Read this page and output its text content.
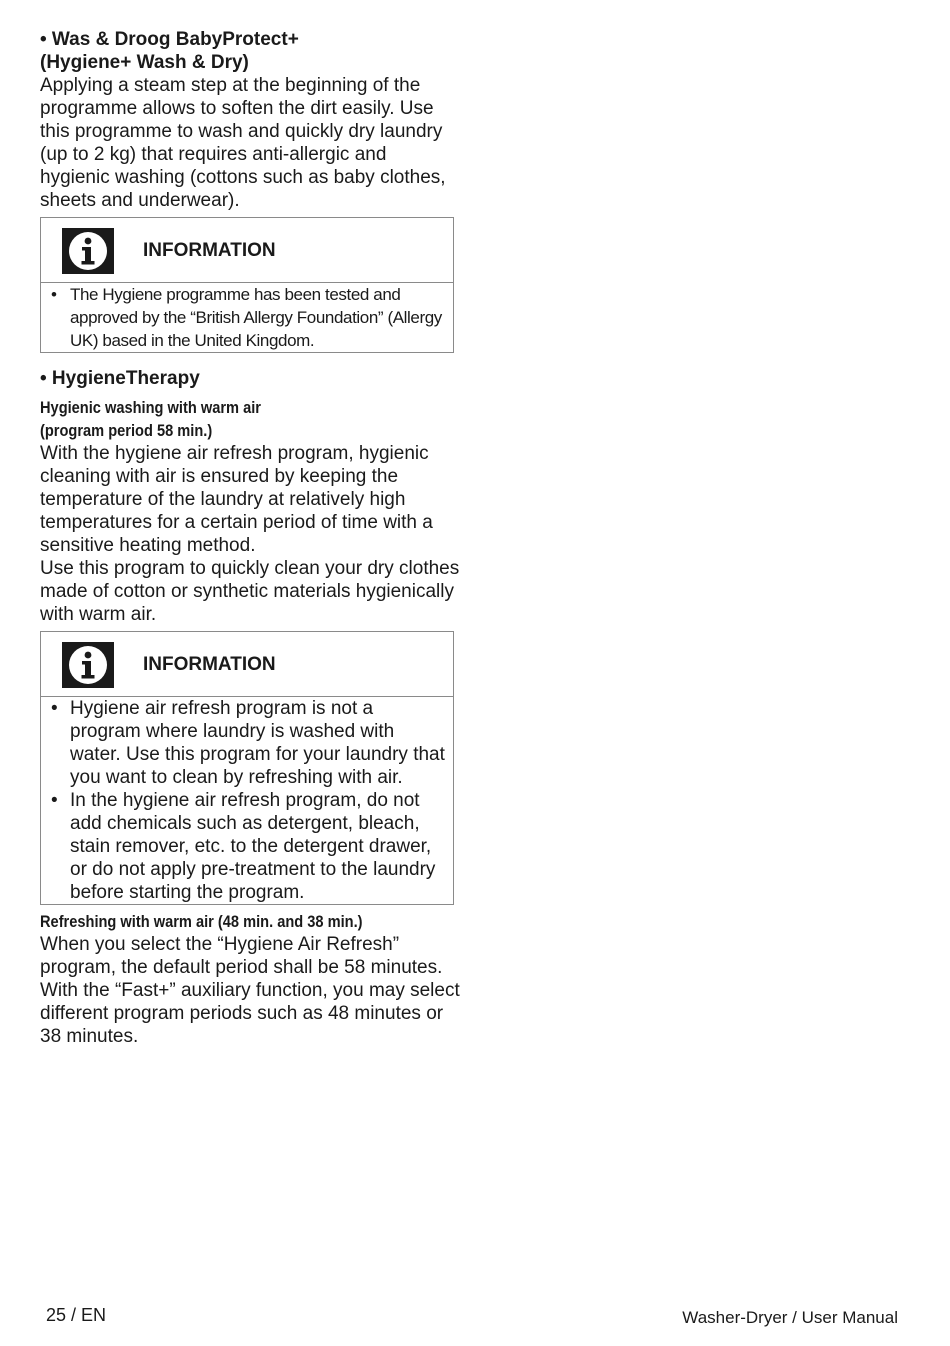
• Was & Droog BabyProtect+

(Hygiene+ Wash & Dry)

Applying a steam step at the beginning of the programme allows to soften the dirt easily. Use this programme to wash and quickly dry laundry (up to 2 kg) that requires anti-allergic and hygienic washing (cottons such as baby clothes, sheets and underwear).

INFORMATION
• The Hygiene programme has been tested and approved by the “British Allergy Foundation” (Allergy UK) based in the United Kingdom.

• HygieneTherapy

Hygienic washing with warm air

(program period 58 min.)

With the hygiene air refresh program, hygienic cleaning with air is ensured by keeping the temperature of the laundry at relatively high temperatures for a certain period of time with a sensitive heating method.

Use this program to quickly clean your dry clothes made of cotton or synthetic materials hygienically with warm air.

INFORMATION
• Hygiene air refresh program is not a program where laundry is washed with water. Use this program for your laundry that you want to clean by refreshing with air.
• In the hygiene air refresh program, do not add chemicals such as detergent, bleach, stain remover, etc. to the detergent drawer, or do not apply pre-treatment to the laundry before starting the program.

Refreshing with warm air (48 min. and 38 min.)

When you select the “Hygiene Air Refresh” program, the default period shall be 58 minutes. With the “Fast+” auxiliary function, you may select different program periods such as 48 minutes or 38 minutes.

25 / EN	Washer-Dryer / User Manual
